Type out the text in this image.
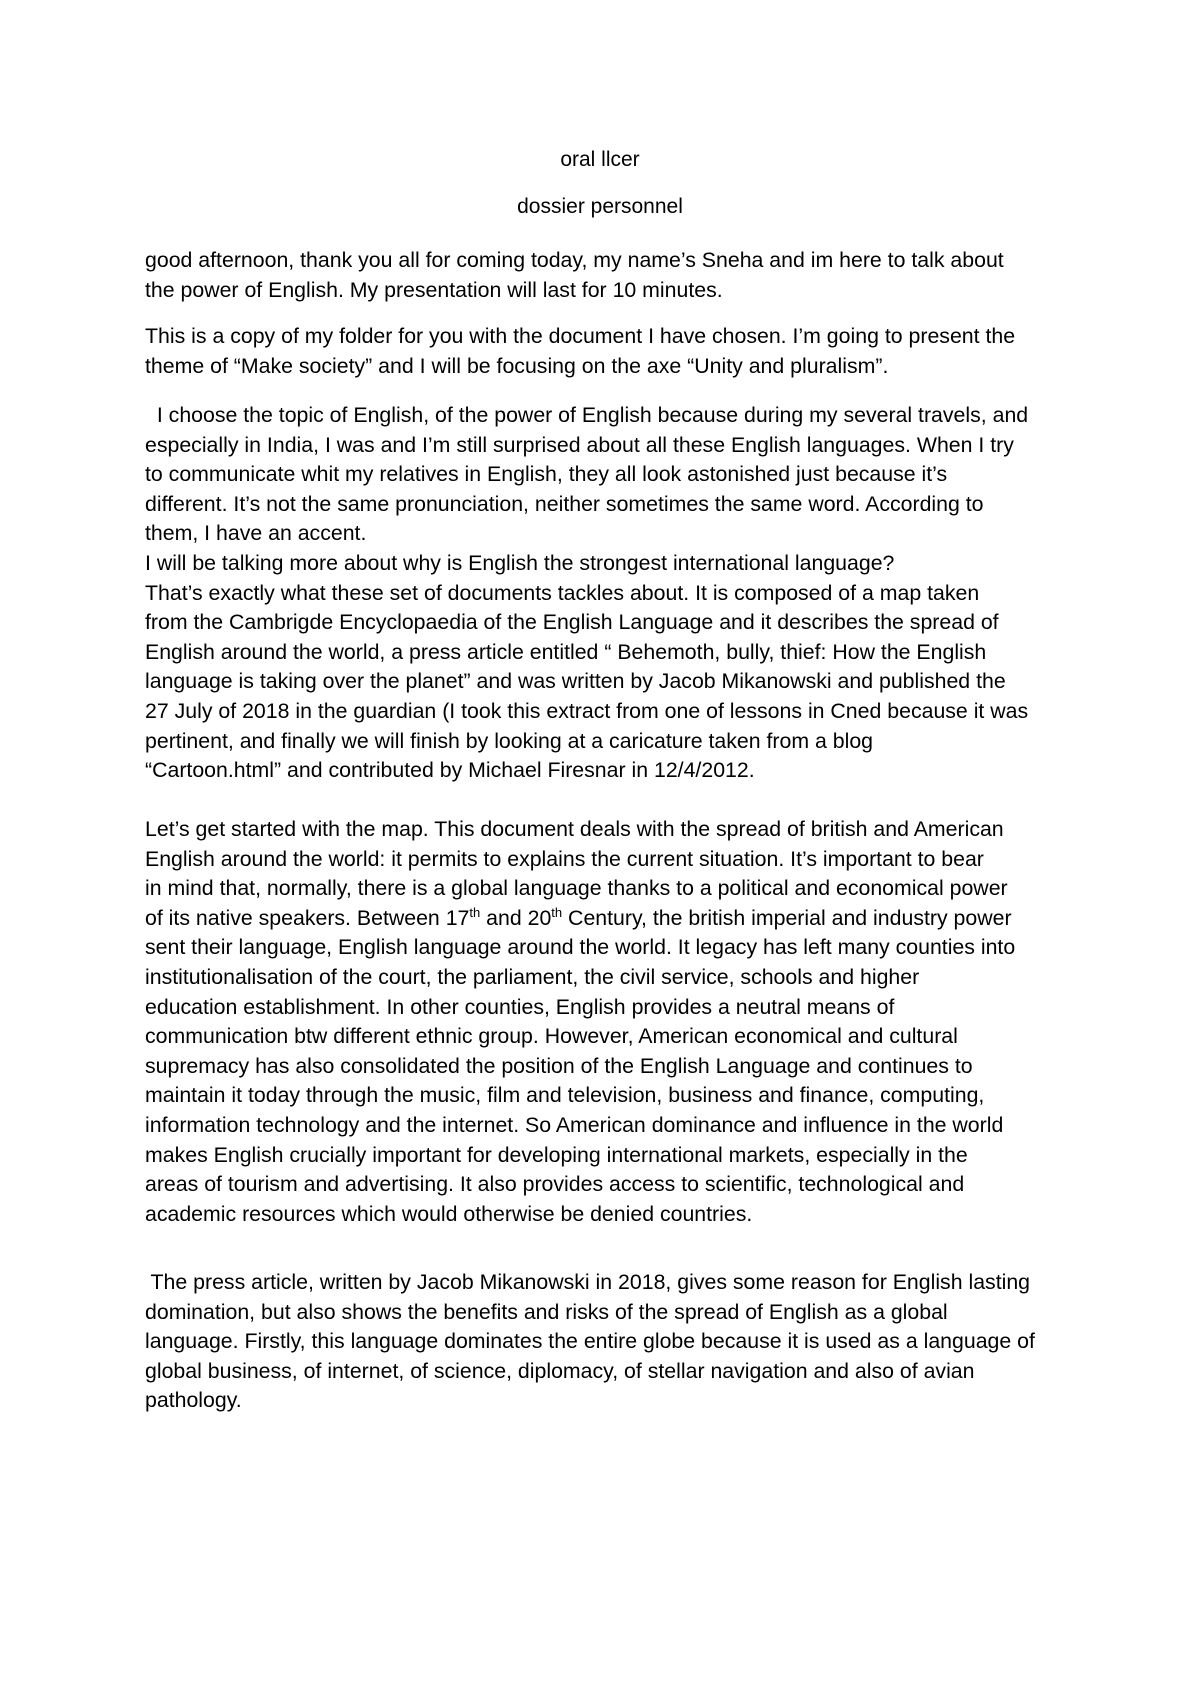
oral llcer

dossier personnel

good afternoon, thank you all for coming today, my name’s Sneha and im here to talk about
the power of English. My presentation will last for 10 minutes.
This is a copy of my folder for you with the document I have chosen. I’m going to present the
theme of “Make society” and I will be focusing on the axe “Unity and pluralism”.
I choose the topic of English, of the power of English because during my several travels, and
especially in India, I was and I’m still surprised about all these English languages. When I try
to communicate whit my relatives in English, they all look astonished just because it’s
different. It’s not the same pronunciation, neither sometimes the same word. According to
them, I have an accent.
I will be talking more about why is English the strongest international language?
That’s exactly what these set of documents tackles about. It is composed of a map taken
from the Cambrigde Encyclopaedia of the English Language and it describes the spread of
English around the world, a press article entitled “ Behemoth, bully, thief: How the English
language is taking over the planet” and was written by Jacob Mikanowski and published the
27 July of 2018 in the guardian (I took this extract from one of lessons in Cned because it was
pertinent, and finally we will finish by looking at a caricature taken from a blog
“Cartoon.html” and contributed by Michael Firesnar in 12/4/2012.
Let’s get started with the map. This document deals with the spread of british and American
English around the world: it permits to explains the current situation. It’s important to bear
in mind that, normally, there is a global language thanks to a political and economical power
of its native speakers. Between 17th and 20th Century, the british imperial and industry power
sent their language, English language around the world. It legacy has left many counties into
institutionalisation of the court, the parliament, the civil service, schools and higher
education establishment. In other counties, English provides a neutral means of
communication btw different ethnic group. However, American economical and cultural
supremacy has also consolidated the position of the English Language and continues to
maintain it today through the music, film and television, business and finance, computing,
information technology and the internet. So American dominance and influence in the world
makes English crucially important for developing international markets, especially in the
areas of tourism and advertising. It also provides access to scientific, technological and
academic resources which would otherwise be denied countries.
The press article, written by Jacob Mikanowski in 2018, gives some reason for English lasting
domination, but also shows the benefits and risks of the spread of English as a global
language. Firstly, this language dominates the entire globe because it is used as a language of
global business, of internet, of science, diplomacy, of stellar navigation and also of avian
pathology.
